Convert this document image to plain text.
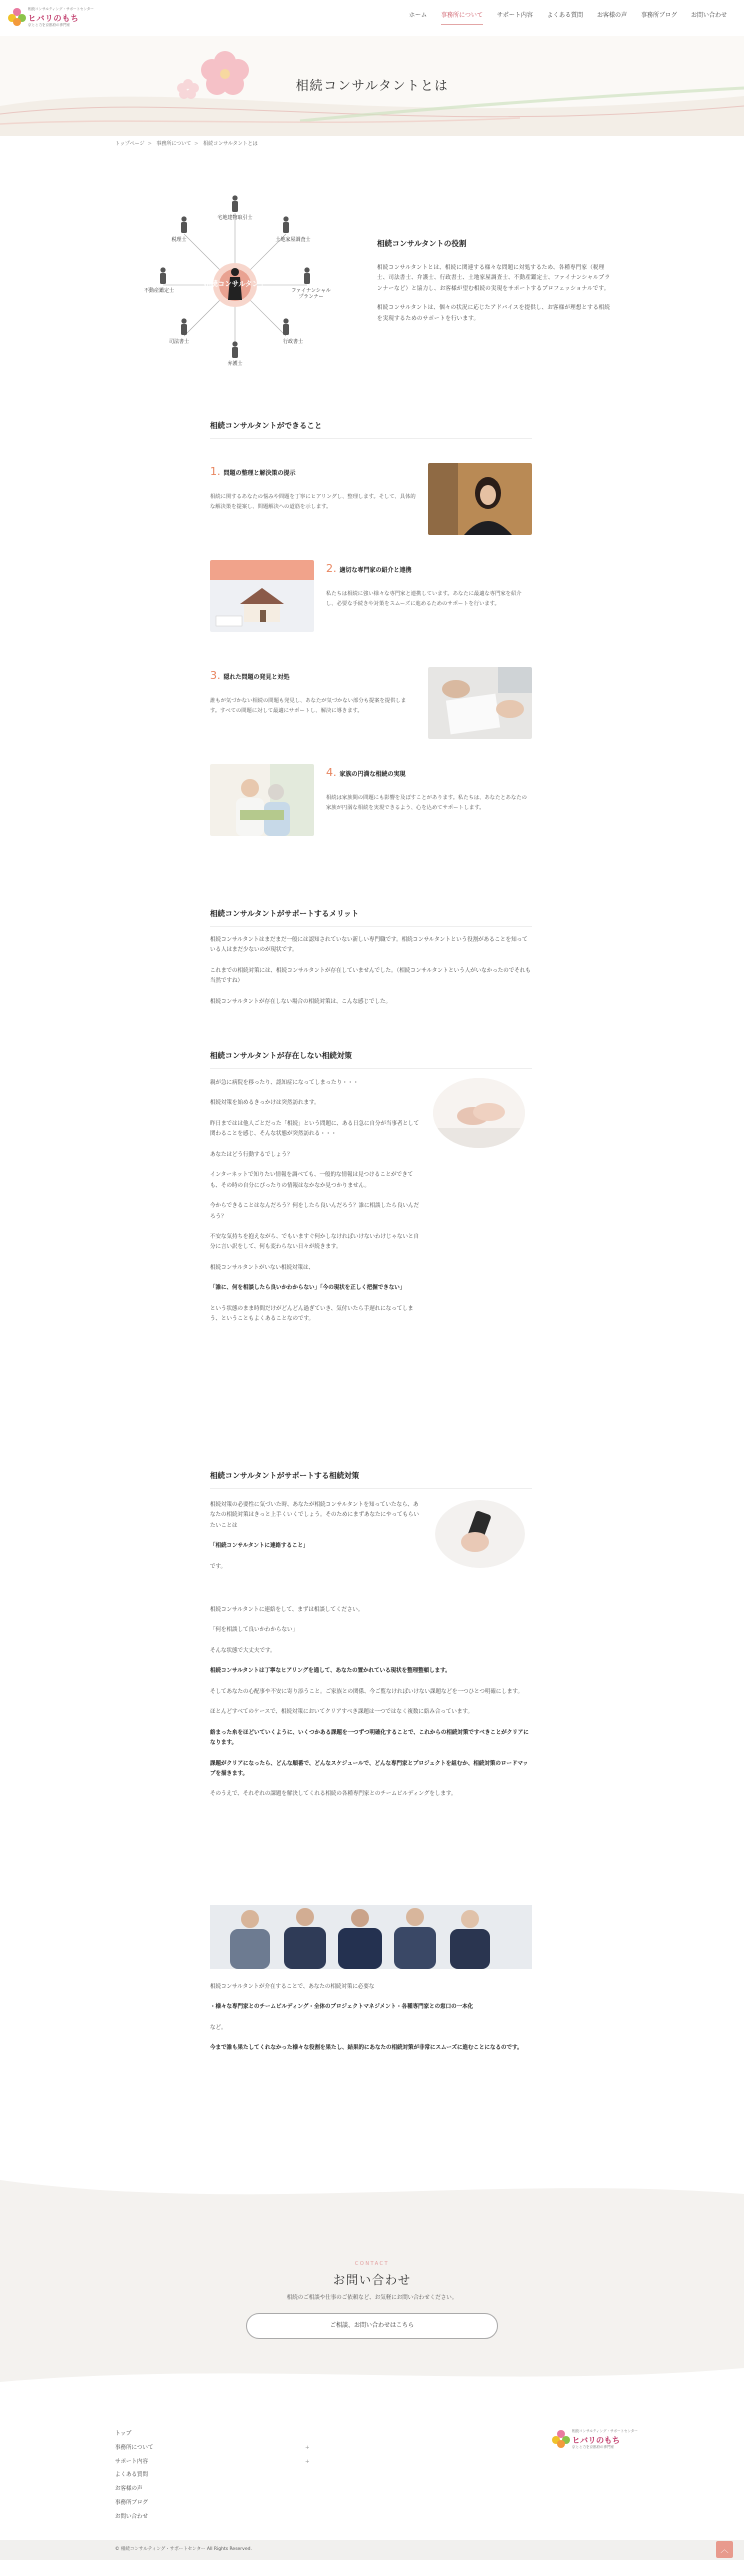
相続コンサルティング・サポートセンター
ヒバリのもち
京とと力を京都府の専門家
ホーム	事務所について	サポート内容	よくある質問	お客様の声	事務所ブログ	お問い合わせ
相続コンサルタントとは
トップページ > 事務所について > 相続コンサルタントとは
宅地建物取引士
土地家屋調査士
ファイナンシャルプランナー
行政書士
弁護士
司法書士
不動産鑑定士
税理士
相続コンサルタント
相続コンサルタントの役割

相続コンサルタントとは、相続に関連する様々な問題に対処するため、各種専門家（税理士、司法書士、弁護士、行政書士、土地家屋調査士、不動産鑑定士、ファイナンシャルプランナーなど）と協力し、お客様が望む相続の実現をサポートするプロフェッショナルです。

相続コンサルタントは、個々の状況に応じたアドバイスを提供し、お客様が理想とする相続を実現するためのサポートを行います。

相続コンサルタントができること
1. 問題の整理と解決策の提示
相続に関するあなたの悩みや問題を丁寧にヒアリングし、整理します。そして、具体的な解決策を提案し、問題解決への道筋を示します。
2. 適切な専門家の紹介と連携
私たちは相続に強い様々な専門家と連携しています。あなたに最適な専門家を紹介し、必要な手続きや対策をスムーズに進めるためのサポートを行います。
3. 隠れた問題の発見と対処
誰もが気づかない相続の問題も発見し、あなたが気づかない部分も提案を提供します。すべての問題に対して最適にサポートし、解決に導きます。
4. 家族の円満な相続の実現
相続は家族間の問題にも影響を及ぼすことがあります。私たちは、あなたとあなたの家族が円満な相続を実現できるよう、心を込めてサポートします。
相続コンサルタントがサポートするメリット

相続コンサルタントはまだまだ一般には認知されていない新しい専門職です。相続コンサルタントという役割があることを知っている人はまだ少ないのが現状です。

これまでの相続対策には、相続コンサルタントが存在していませんでした。（相続コンサルタントという人がいなかったのでそれも当然ですね）

相続コンサルタントが存在しない場合の相続対策は、こんな感じでした。

相続コンサルタントが存在しない相続対策

親が急に病院を移ったり、認知症になってしまったり・・・

相続対策を始めるきっかけは突然訪れます。

昨日まではは他人ごとだった「相続」という問題に、ある日急に自分が当事者として関わることを感じ、そんな状態が突然訪れる・・・

あなたはどう行動するでしょう？

インターネットで知りたい情報を調べても、一般的な情報は見つけることができても、その時の自分にぴったりの情報はなかなか見つかりません。

今からできることはなんだろう？何をしたら良いんだろう？誰に相談したら良いんだろう？

不安な気持ちを抱えながら、でもいますぐ何かしなければいけないわけじゃないと自分に言い訳をして、何も変わらない日々が続きます。

相続コンサルタントがいない相続対策は、

「誰に、何を相談したら良いかわからない」「今の現状を正しく把握できない」

という状態のまま時間だけがどんどん過ぎていき、気付いたら手遅れになってしまう、ということもよくあることなのです。

相続コンサルタントがサポートする相続対策

相続対策の必要性に気づいた時、あなたが相続コンサルタントを知っていたなら、あなたの相続対策はきっと上手くいくでしょう。そのためにまずあなたにやってもらいたいことは

「相続コンサルタントに連絡すること」

です。

相続コンサルタントに連絡をして、まずは相談してください。

「何を相談して良いかわからない」

そんな状態で大丈夫です。

相続コンサルタントは丁寧なヒアリングを通して、あなたの置かれている現状を整理整頓します。

そしてあなたの心配事や不安に寄り添うこと。ご家族との関係、今ご覧なければいけない課題などを一つひとつ明確にします。

ほとんどすべてのケースで、相続対策においてクリアすべき課題は一つではなく複数に絡み合っています。

絡まった糸をほどいていくように、いくつかある課題を一つずつ明確化することで、これからの相続対策ですべきことがクリアになります。

課題がクリアになったら、どんな順番で、どんなスケジュールで、どんな専門家とプロジェクトを組むか、相続対策のロードマップを描きます。

そのうえで、それぞれの課題を解決してくれる相続の各種専門家とのチームビルディングをします。

相続コンサルタントが介在することで、あなたの相続対策に必要な

・様々な専門家とのチームビルディング・全体のプロジェクトマネジメント・各種専門家との窓口の一本化

など。

今まで誰も果たしてくれなかった様々な役割を果たし、結果的にあなたの相続対策が非常にスムーズに進むことになるのです。

CONTACT
お問い合わせ
相続のご相談や仕事のご依頼など、お気軽にお問い合わせください。
ご相談、お問い合わせはこちら
トップ
事務所について
サポート内容
よくある質問
お客様の声
事務所ブログ
お問い合わせ
+
+
相続コンサルティング・サポートセンター
ヒバリのもち
京とと力を京都府の専門家
© 相続コンサルティング・サポートセンター All Rights Reserved.	︿
